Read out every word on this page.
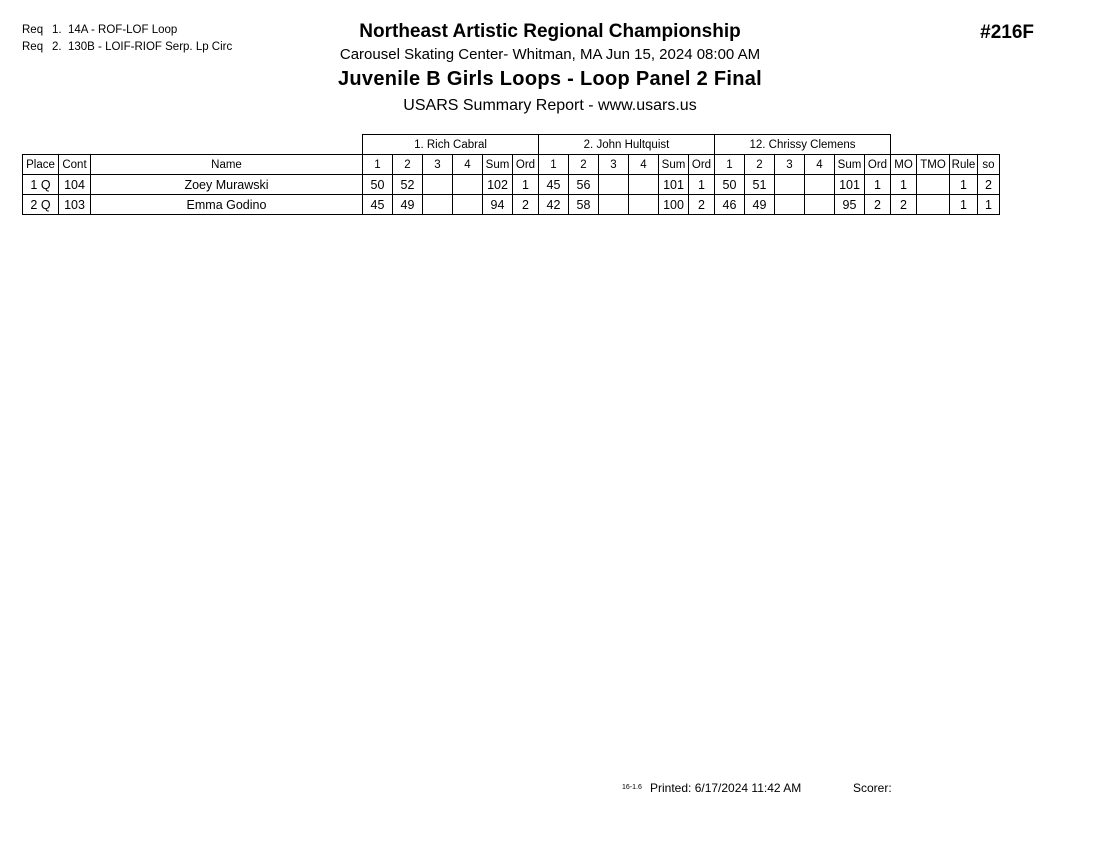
Req 1. 14A - ROF-LOF Loop
Req 2. 130B - LOIF-RIOF Serp. Lp Circ
Northeast Artistic Regional Championship
Carousel Skating Center- Whitman, MA Jun 15, 2024 08:00 AM
Juvenile B Girls Loops - Loop Panel 2 Final
USARS Summary Report - www.usars.us
#216F
			1. Rich Cabral						2. John Hultquist						12. Chrissy Clemens									
Place	Cont	Name	1	2	3	4	Sum	Ord	1	2	3	4	Sum	Ord	1	2	3	4	Sum	Ord	MO	TMO	Rule	so
1 Q	104	Zoey Murawski	50	52			102	1	45	56			101	1	50	51			101	1	1		1	2
2 Q	103	Emma Godino	45	49			94	2	42	58			100	2	46	49			95	2	2		1	1
16-1.6 Printed: 6/17/2024 11:42 AM	Scorer:
